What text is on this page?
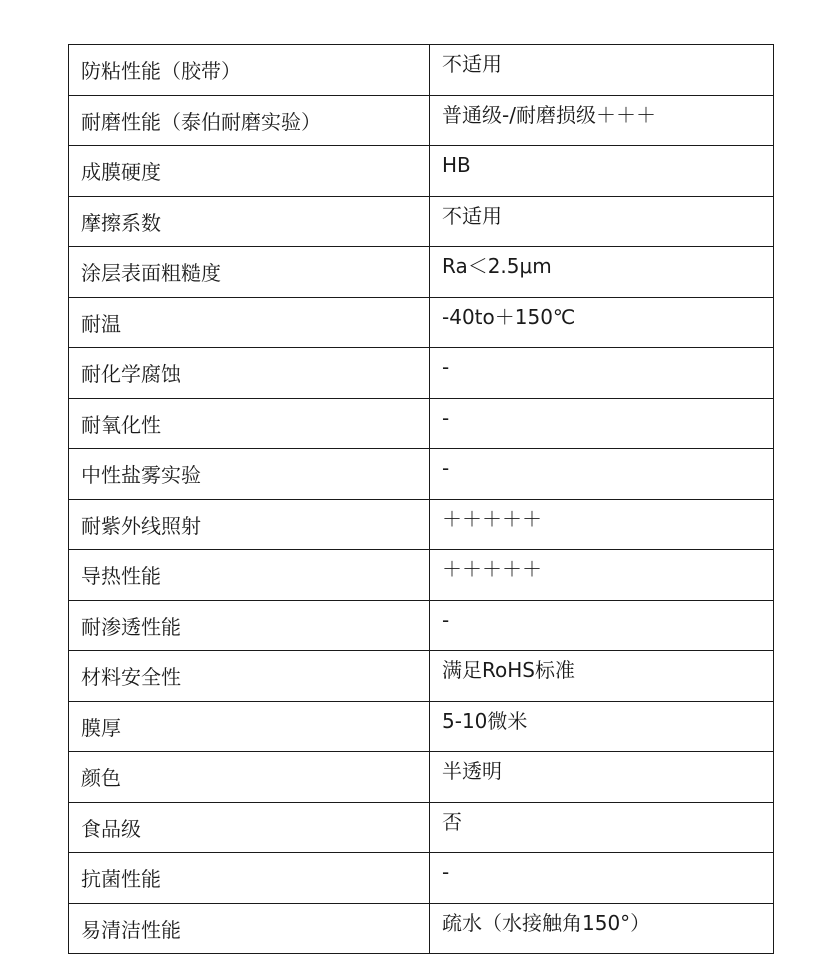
防粘性能（胶带）	不适用
耐磨性能（泰伯耐磨实验）	普通级-/耐磨损级＋＋＋
成膜硬度	HB
摩擦系数	不适用
涂层表面粗糙度	Ra＜2.5μm
耐温	-40to＋150℃
耐化学腐蚀	-
耐氧化性	-
中性盐雾实验	-
耐紫外线照射	＋＋＋＋＋
导热性能	＋＋＋＋＋
耐渗透性能	-
材料安全性	满足RoHS标准
膜厚	5-10微米
颜色	半透明
食品级	否
抗菌性能	-
易清洁性能	疏水（水接触角150°）
